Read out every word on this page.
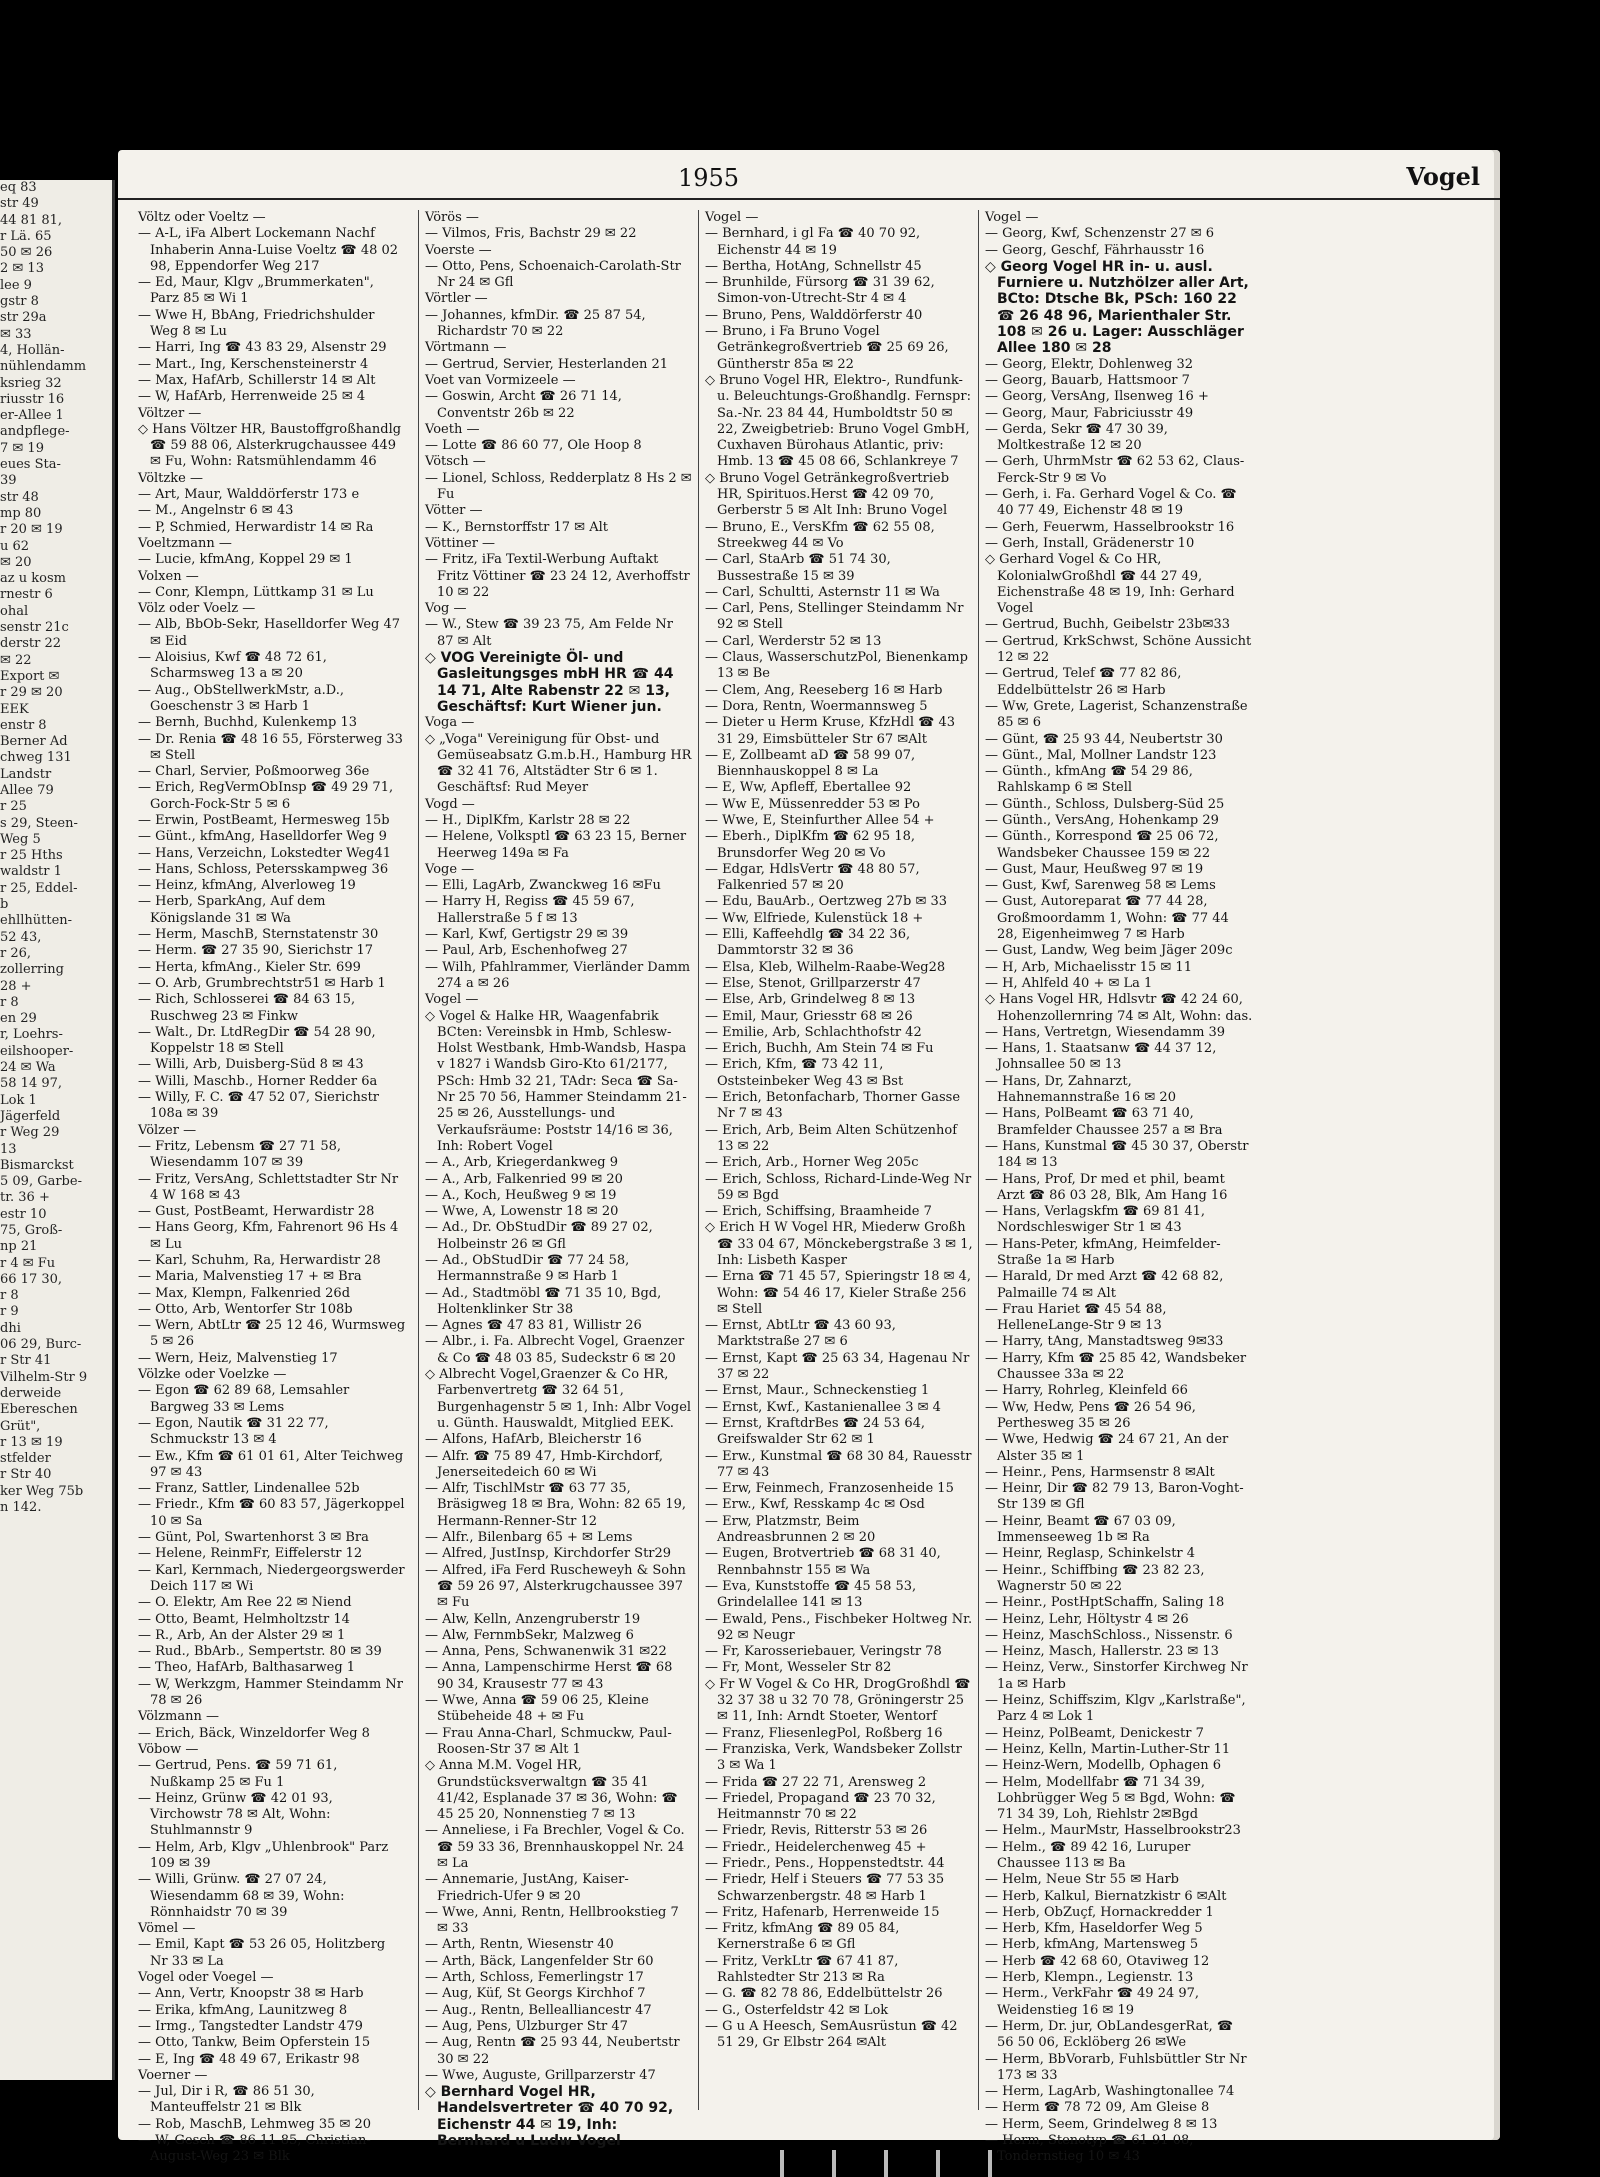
eq 83
str 49
44 81 81,
r Lä. 65
50 ✉ 26
2 ✉ 13
lee 9
gstr 8
str 29a
✉ 33
4, Hollän-
nühlendamm
ksrieg 32
riusstr 16
er-Allee 1
andpflege-
7 ✉ 19
eues Sta-
39
str 48
mp 80
r 20 ✉ 19
u 62
✉ 20
az u kosm
rnestr 6
ohal
senstr 21c
derstr 22
✉ 22
Export ✉
r 29 ✉ 20
EEK
enstr 8
Berner Ad
chweg 131
Landstr
Allee 79
r 25
s 29, Steen-
Weg 5
r 25 Hths
waldstr 1
r 25, Eddel-
b
ehllhütten-
52 43,
r 26,
zollerring
28 +
r 8
en 29
r, Loehrs-
eilshooper-
24 ✉ Wa
58 14 97,
Lok 1
Jägerfeld
r Weg 29
13
Bismarckst
5 09, Garbe-
tr. 36 +
estr 10
75, Groß-
np 21
r 4 ✉ Fu
66 17 30,
r 8
r 9
dhi
06 29, Burc-
r Str 41
Vilhelm-Str 9
derweide
Ebereschen
Grüt",
r 13 ✉ 19
stfelder
r Str 40
ker Weg 75b
n 142.
1955	Vogel

Völtz oder Voeltz —

— A-L, iFa Albert Lockemann Nachf Inhaberin Anna-Luise Voeltz ☎ 48 02 98, Eppendorfer Weg 217

— Ed, Maur, Klgv „Brummerkaten", Parz 85 ✉ Wi 1

— Wwe H, BbAng, Friedrichshulder Weg 8 ✉ Lu

— Harri, Ing ☎ 43 83 29, Alsenstr 29

— Mart., Ing, Kerschensteinerstr 4

— Max, HafArb, Schillerstr 14 ✉ Alt

— W, HafArb, Herrenweide 25 ✉ 4

Völtzer —

◇ Hans Völtzer HR, Baustoffgroßhandlg ☎ 59 88 06, Alsterkrugchaussee 449 ✉ Fu, Wohn: Ratsmühlendamm 46

Völtzke —

— Art, Maur, Walddörferstr 173 e

— M., Angelnstr 6 ✉ 43

— P, Schmied, Herwardistr 14 ✉ Ra

Voeltzmann —

— Lucie, kfmAng, Koppel 29 ✉ 1

Volxen —

— Conr, Klempn, Lüttkamp 31 ✉ Lu

Völz oder Voelz —

— Alb, BbOb-Sekr, Haselldorfer Weg 47 ✉ Eid

— Aloisius, Kwf ☎ 48 72 61, Scharmsweg 13 a ✉ 20

— Aug., ObStellwerkMstr, a.D., Goeschenstr 3 ✉ Harb 1

— Bernh, Buchhd, Kulenkemp 13

— Dr. Renia ☎ 48 16 55, Försterweg 33 ✉ Stell

— Charl, Servier, Poßmoorweg 36e

— Erich, RegVermObInsp ☎ 49 29 71, Gorch-Fock-Str 5 ✉ 6

— Erwin, PostBeamt, Hermesweg 15b

— Günt., kfmAng, Haselldorfer Weg 9

— Hans, Verzeichn, Lokstedter Weg41

— Hans, Schloss, Petersskampweg 36

— Heinz, kfmAng, Alverloweg 19

— Herb, SparkAng, Auf dem Königslande 31 ✉ Wa

— Herm, MaschB, Sternstatenstr 30

— Herm. ☎ 27 35 90, Sierichstr 17

— Herta, kfmAng., Kieler Str. 699

— O. Arb, Grumbrechtstr51 ✉ Harb 1

— Rich, Schlosserei ☎ 84 63 15, Ruschweg 23 ✉ Finkw

— Walt., Dr. LtdRegDir ☎ 54 28 90, Koppelstr 18 ✉ Stell

— Willi, Arb, Duisberg-Süd 8 ✉ 43

— Willi, Maschb., Horner Redder 6a

— Willy, F. C. ☎ 47 52 07, Sierichstr 108a ✉ 39

Völzer —

— Fritz, Lebensm ☎ 27 71 58, Wiesendamm 107 ✉ 39

— Fritz, VersAng, Schlettstadter Str Nr 4 W 168 ✉ 43

— Gust, PostBeamt, Herwardistr 28

— Hans Georg, Kfm, Fahrenort 96 Hs 4 ✉ Lu

— Karl, Schuhm, Ra, Herwardistr 28

— Maria, Malvenstieg 17 + ✉ Bra

— Max, Klempn, Falkenried 26d

— Otto, Arb, Wentorfer Str 108b

— Wern, AbtLtr ☎ 25 12 46, Wurmsweg 5 ✉ 26

— Wern, Heiz, Malvenstieg 17

Völzke oder Voelzke —

— Egon ☎ 62 89 68, Lemsahler Bargweg 33 ✉ Lems

— Egon, Nautik ☎ 31 22 77, Schmuckstr 13 ✉ 4

— Ew., Kfm ☎ 61 01 61, Alter Teichweg 97 ✉ 43

— Franz, Sattler, Lindenallee 52b

— Friedr., Kfm ☎ 60 83 57, Jägerkoppel 10 ✉ Sa

— Günt, Pol, Swartenhorst 3 ✉ Bra

— Helene, ReinmFr, Eiffelerstr 12

— Karl, Kernmach, Niedergeorgswerder Deich 117 ✉ Wi

— O. Elektr, Am Ree 22 ✉ Niend

— Otto, Beamt, Helmholtzstr 14

— R., Arb, An der Alster 29 ✉ 1

— Rud., BbArb., Sempertstr. 80 ✉ 39

— Theo, HafArb, Balthasarweg 1

— W, Werkzgm, Hammer Steindamm Nr 78 ✉ 26

Völzmann —

— Erich, Bäck, Winzeldorfer Weg 8

Vöbow —

— Gertrud, Pens. ☎ 59 71 61, Nußkamp 25 ✉ Fu 1

— Heinz, Grünw ☎ 42 01 93, Virchowstr 78 ✉ Alt, Wohn: Stuhlmannstr 9

— Helm, Arb, Klgv „Uhlenbrook" Parz 109 ✉ 39

— Willi, Grünw. ☎ 27 07 24, Wiesendamm 68 ✉ 39, Wohn: Rönnhaidstr 70 ✉ 39

Vömel —

— Emil, Kapt ☎ 53 26 05, Holitzberg Nr 33 ✉ La

Vogel oder Voegel —

— Ann, Vertr, Knoopstr 38 ✉ Harb

— Erika, kfmAng, Launitzweg 8

— Irmg., Tangstedter Landstr 479

— Otto, Tankw, Beim Opferstein 15

— E, Ing ☎ 48 49 67, Erikastr 98

Voerner —

— Jul, Dir i R, ☎ 86 51 30, Manteuffelstr 21 ✉ Blk

— Rob, MaschB, Lehmweg 35 ✉ 20

— W, Gesch ☎ 86 11 85, Christian-August-Weg 23 ✉ Blk

Vörös —

— Vilmos, Fris, Bachstr 29 ✉ 22

Voerste —

— Otto, Pens, Schoenaich-Carolath-Str Nr 24 ✉ Gfl

Vörtler —

— Johannes, kfmDir. ☎ 25 87 54, Richardstr 70 ✉ 22

Vörtmann —

— Gertrud, Servier, Hesterlanden 21

Voet van Vormizeele —

— Goswin, Archt ☎ 26 71 14, Conventstr 26b ✉ 22

Voeth —

— Lotte ☎ 86 60 77, Ole Hoop 8

Vötsch —

— Lionel, Schloss, Redderplatz 8 Hs 2 ✉ Fu

Vötter —

— K., Bernstorffstr 17 ✉ Alt

Vöttiner —

— Fritz, iFa Textil-Werbung Auftakt Fritz Vöttiner ☎ 23 24 12, Averhoffstr 10 ✉ 22

Vog —

— W., Stew ☎ 39 23 75, Am Felde Nr 87 ✉ Alt

◇ VOG Vereinigte Öl- und Gasleitungsges mbH HR ☎ 44 14 71, Alte Rabenstr 22 ✉ 13, Geschäftsf: Kurt Wiener jun.

Voga —

◇ „Voga" Vereinigung für Obst- und Gemüseabsatz G.m.b.H., Hamburg HR ☎ 32 41 76, Altstädter Str 6 ✉ 1. Geschäftsf: Rud Meyer

Vogd —

— H., DiplKfm, Karlstr 28 ✉ 22

— Helene, Volksptl ☎ 63 23 15, Berner Heerweg 149a ✉ Fa

Voge —

— Elli, LagArb, Zwanckweg 16 ✉Fu

— Harry H, Regiss ☎ 45 59 67, Hallerstraße 5 f ✉ 13

— Karl, Kwf, Gertigstr 29 ✉ 39

— Paul, Arb, Eschenhofweg 27

— Wilh, Pfahlrammer, Vierländer Damm 274 a ✉ 26

Vogel —

◇ Vogel & Halke HR, Waagenfabrik BCten: Vereinsbk in Hmb, Schlesw-Holst Westbank, Hmb-Wandsb, Haspa v 1827 i Wandsb Giro-Kto 61/2177, PSch: Hmb 32 21, TAdr: Seca ☎ Sa-Nr 25 70 56, Hammer Steindamm 21-25 ✉ 26, Ausstellungs- und Verkaufsräume: Poststr 14/16 ✉ 36, Inh: Robert Vogel

— A., Arb, Kriegerdankweg 9

— A., Arb, Falkenried 99 ✉ 20

— A., Koch, Heußweg 9 ✉ 19

— Wwe, A, Lowenstr 18 ✉ 20

— Ad., Dr. ObStudDir ☎ 89 27 02, Holbeinstr 26 ✉ Gfl

— Ad., ObStudDir ☎ 77 24 58, Hermannstraße 9 ✉ Harb 1

— Ad., Stadtmöbl ☎ 71 35 10, Bgd, Holtenklinker Str 38

— Agnes ☎ 47 83 81, Willistr 26

— Albr., i. Fa. Albrecht Vogel, Graenzer & Co ☎ 48 03 85, Sudeckstr 6 ✉ 20

◇ Albrecht Vogel,Graenzer & Co HR, Farbenvertretg ☎ 32 64 51, Burgenhagenstr 5 ✉ 1, Inh: Albr Vogel u. Günth. Hauswaldt, Mitglied EEK.

— Alfons, HafArb, Bleicherstr 16

— Alfr. ☎ 75 89 47, Hmb-Kirchdorf, Jenerseitedeich 60 ✉ Wi

— Alfr, TischlMstr ☎ 63 77 35, Bräsigweg 18 ✉ Bra, Wohn: 82 65 19, Hermann-Renner-Str 12

— Alfr., Bilenbarg 65 + ✉ Lems

— Alfred, JustInsp, Kirchdorfer Str29

— Alfred, iFa Ferd Ruscheweyh & Sohn ☎ 59 26 97, Alsterkrugchaussee 397 ✉ Fu

— Alw, Kelln, Anzengruberstr 19

— Alw, FernmbSekr, Malzweg 6

— Anna, Pens, Schwanenwik 31 ✉22

— Anna, Lampenschirme Herst ☎ 68 90 34, Krausestr 77 ✉ 43

— Wwe, Anna ☎ 59 06 25, Kleine Stübeheide 48 + ✉ Fu

— Frau Anna-Charl, Schmuckw, Paul-Roosen-Str 37 ✉ Alt 1

◇ Anna M.M. Vogel HR, Grundstücksverwaltgn ☎ 35 41 41/42, Esplanade 37 ✉ 36, Wohn: ☎ 45 25 20, Nonnenstieg 7 ✉ 13

— Anneliese, i Fa Brechler, Vogel & Co. ☎ 59 33 36, Brennhauskoppel Nr. 24 ✉ La

— Annemarie, JustAng, Kaiser-Friedrich-Ufer 9 ✉ 20

— Wwe, Anni, Rentn, Hellbrookstieg 7 ✉ 33

— Arth, Rentn, Wiesenstr 40

— Arth, Bäck, Langenfelder Str 60

— Arth, Schloss, Femerlingstr 17

— Aug, Küf, St Georgs Kirchhof 7

— Aug., Rentn, Bellealliancestr 47

— Aug, Pens, Ulzburger Str 47

— Aug, Rentn ☎ 25 93 44, Neubertstr 30 ✉ 22

— Wwe, Auguste, Grillparzerstr 47

◇ Bernhard Vogel HR, Handelsvertreter ☎ 40 70 92, Eichenstr 44 ✉ 19, Inh: Bernhard u Ludw Vogel

Vogel —

— Bernhard, i gl Fa ☎ 40 70 92, Eichenstr 44 ✉ 19

— Bertha, HotAng, Schnellstr 45

— Brunhilde, Fürsorg ☎ 31 39 62, Simon-von-Utrecht-Str 4 ✉ 4

— Bruno, Pens, Walddörferstr 40

— Bruno, i Fa Bruno Vogel Getränkegroßvertrieb ☎ 25 69 26, Güntherstr 85a ✉ 22

◇ Bruno Vogel HR, Elektro-, Rundfunk- u. Beleuchtungs-Großhandlg. Fernspr: Sa.-Nr. 23 84 44, Humboldtstr 50 ✉ 22, Zweigbetrieb: Bruno Vogel GmbH, Cuxhaven Bürohaus Atlantic, priv: Hmb. 13 ☎ 45 08 66, Schlankreye 7

◇ Bruno Vogel Getränkegroßvertrieb HR, Spirituos.Herst ☎ 42 09 70, Gerberstr 5 ✉ Alt Inh: Bruno Vogel

— Bruno, E., VersKfm ☎ 62 55 08, Streekweg 44 ✉ Vo

— Carl, StaArb ☎ 51 74 30, Bussestraße 15 ✉ 39

— Carl, Schultti, Asternstr 11 ✉ Wa

— Carl, Pens, Stellinger Steindamm Nr 92 ✉ Stell

— Carl, Werderstr 52 ✉ 13

— Claus, WasserschutzPol, Bienenkamp 13 ✉ Be

— Clem, Ang, Reeseberg 16 ✉ Harb

— Dora, Rentn, Woermannsweg 5

— Dieter u Herm Kruse, KfzHdl ☎ 43 31 29, Eimsbütteler Str 67 ✉Alt

— E, Zollbeamt aD ☎ 58 99 07, Biennhauskoppel 8 ✉ La

— E, Ww, Apfleff, Ebertallee 92

— Ww E, Müssenredder 53 ✉ Po

— Wwe, E, Steinfurther Allee 54 +

— Eberh., DiplKfm ☎ 62 95 18, Brunsdorfer Weg 20 ✉ Vo

— Edgar, HdlsVertr ☎ 48 80 57, Falkenried 57 ✉ 20

— Edu, BauArb., Oertzweg 27b ✉ 33

— Ww, Elfriede, Kulenstück 18 +

— Elli, Kaffeehdlg ☎ 34 22 36, Dammtorstr 32 ✉ 36

— Elsa, Kleb, Wilhelm-Raabe-Weg28

— Else, Stenot, Grillparzerstr 47

— Else, Arb, Grindelweg 8 ✉ 13

— Emil, Maur, Griesstr 68 ✉ 26

— Emilie, Arb, Schlachthofstr 42

— Erich, Buchh, Am Stein 74 ✉ Fu

— Erich, Kfm, ☎ 73 42 11, Oststeinbeker Weg 43 ✉ Bst

— Erich, Betonfacharb, Thorner Gasse Nr 7 ✉ 43

— Erich, Arb, Beim Alten Schützenhof 13 ✉ 22

— Erich, Arb., Horner Weg 205c

— Erich, Schloss, Richard-Linde-Weg Nr 59 ✉ Bgd

— Erich, Schiffsing, Braamheide 7

◇ Erich H W Vogel HR, Miederw Großh ☎ 33 04 67, Mönckebergstraße 3 ✉ 1, Inh: Lisbeth Kasper

— Erna ☎ 71 45 57, Spieringstr 18 ✉ 4, Wohn: ☎ 54 46 17, Kieler Straße 256 ✉ Stell

— Ernst, AbtLtr ☎ 43 60 93, Marktstraße 27 ✉ 6

— Ernst, Kapt ☎ 25 63 34, Hagenau Nr 37 ✉ 22

— Ernst, Maur., Schneckenstieg 1

— Ernst, Kwf., Kastanienallee 3 ✉ 4

— Ernst, KraftdrBes ☎ 24 53 64, Greifswalder Str 62 ✉ 1

— Erw., Kunstmal ☎ 68 30 84, Rauesstr 77 ✉ 43

— Erw, Feinmech, Franzosenheide 15

— Erw., Kwf, Resskamp 4c ✉ Osd

— Erw, Platzmstr, Beim Andreasbrunnen 2 ✉ 20

— Eugen, Brotvertrieb ☎ 68 31 40, Rennbahnstr 155 ✉ Wa

— Eva, Kunststoffe ☎ 45 58 53, Grindelallee 141 ✉ 13

— Ewald, Pens., Fischbeker Holtweg Nr. 92 ✉ Neugr

— Fr, Karosseriebauer, Veringstr 78

— Fr, Mont, Wesseler Str 82

◇ Fr W Vogel & Co HR, DrogGroßhdl ☎ 32 37 38 u 32 70 78, Gröningerstr 25 ✉ 11, Inh: Arndt Stoeter, Wentorf

— Franz, FliesenlegPol, Roßberg 16

— Franziska, Verk, Wandsbeker Zollstr 3 ✉ Wa 1

— Frida ☎ 27 22 71, Arensweg 2

— Friedel, Propagand ☎ 23 70 32, Heitmannstr 70 ✉ 22

— Friedr, Revis, Ritterstr 53 ✉ 26

— Friedr., Heidelerchenweg 45 +

— Friedr., Pens., Hoppenstedtstr. 44

— Friedr, Helf i Steuers ☎ 77 53 35 Schwarzenbergstr. 48 ✉ Harb 1

— Fritz, Hafenarb, Herrenweide 15

— Fritz, kfmAng ☎ 89 05 84, Kernerstraße 6 ✉ Gfl

— Fritz, VerkLtr ☎ 67 41 87, Rahlstedter Str 213 ✉ Ra

— G. ☎ 82 78 86, Eddelbüttelstr 26

— G., Osterfeldstr 42 ✉ Lok

— G u A Heesch, SemAusrüstun ☎ 42 51 29, Gr Elbstr 264 ✉Alt

Vogel —

— Georg, Kwf, Schenzenstr 27 ✉ 6

— Georg, Geschf, Fährhausstr 16

◇ Georg Vogel HR in- u. ausl. Furniere u. Nutzhölzer aller Art, BCto: Dtsche Bk, PSch: 160 22 ☎ 26 48 96, Marienthaler Str. 108 ✉ 26 u. Lager: Ausschläger Allee 180 ✉ 28

— Georg, Elektr, Dohlenweg 32

— Georg, Bauarb, Hattsmoor 7

— Georg, VersAng, Ilsenweg 16 +

— Georg, Maur, Fabriciusstr 49

— Gerda, Sekr ☎ 47 30 39, Moltkestraße 12 ✉ 20

— Gerh, UhrmMstr ☎ 62 53 62, Claus-Ferck-Str 9 ✉ Vo

— Gerh, i. Fa. Gerhard Vogel & Co. ☎ 40 77 49, Eichenstr 48 ✉ 19

— Gerh, Feuerwm, Hasselbrookstr 16

— Gerh, Install, Grädenerstr 10

◇ Gerhard Vogel & Co HR, KolonialwGroßhdl ☎ 44 27 49, Eichenstraße 48 ✉ 19, Inh: Gerhard Vogel

— Gertrud, Buchh, Geibelstr 23b✉33

— Gertrud, KrkSchwst, Schöne Aussicht 12 ✉ 22

— Gertrud, Telef ☎ 77 82 86, Eddelbüttelstr 26 ✉ Harb

— Ww, Grete, Lagerist, Schanzenstraße 85 ✉ 6

— Günt, ☎ 25 93 44, Neubertstr 30

— Günt., Mal, Mollner Landstr 123

— Günth., kfmAng ☎ 54 29 86, Rahlskamp 6 ✉ Stell

— Günth., Schloss, Dulsberg-Süd 25

— Günth., VersAng, Hohenkamp 29

— Günth., Korrespond ☎ 25 06 72, Wandsbeker Chaussee 159 ✉ 22

— Gust, Maur, Heußweg 97 ✉ 19

— Gust, Kwf, Sarenweg 58 ✉ Lems

— Gust, Autoreparat ☎ 77 44 28, Großmoordamm 1, Wohn: ☎ 77 44 28, Eigenheimweg 7 ✉ Harb

— Gust, Landw, Weg beim Jäger 209c

— H, Arb, Michaelisstr 15 ✉ 11

— H, Ahlfeld 40 + ✉ La 1

◇ Hans Vogel HR, Hdlsvtr ☎ 42 24 60, Hohenzollernring 74 ✉ Alt, Wohn: das.

— Hans, Vertretgn, Wiesendamm 39

— Hans, 1. Staatsanw ☎ 44 37 12, Johnsallee 50 ✉ 13

— Hans, Dr, Zahnarzt, Hahnemannstraße 16 ✉ 20

— Hans, PolBeamt ☎ 63 71 40, Bramfelder Chaussee 257 a ✉ Bra

— Hans, Kunstmal ☎ 45 30 37, Oberstr 184 ✉ 13

— Hans, Prof, Dr med et phil, beamt Arzt ☎ 86 03 28, Blk, Am Hang 16

— Hans, Verlagskfm ☎ 69 81 41, Nordschleswiger Str 1 ✉ 43

— Hans-Peter, kfmAng, Heimfelder-Straße 1a ✉ Harb

— Harald, Dr med Arzt ☎ 42 68 82, Palmaille 74 ✉ Alt

— Frau Hariet ☎ 45 54 88, HelleneLange-Str 9 ✉ 13

— Harry, tAng, Manstadtsweg 9✉33

— Harry, Kfm ☎ 25 85 42, Wandsbeker Chaussee 33a ✉ 22

— Harry, Rohrleg, Kleinfeld 66

— Ww, Hedw, Pens ☎ 26 54 96, Pertheswеg 35 ✉ 26

— Wwe, Hedwig ☎ 24 67 21, An der Alster 35 ✉ 1

— Heinr., Pens, Harmsenstr 8 ✉Alt

— Heinr, Dir ☎ 82 79 13, Baron-Voght-Str 139 ✉ Gfl

— Heinr, Beamt ☎ 67 03 09, Immenseeweg 1b ✉ Ra

— Heinr, Reglasp, Schinkelstr 4

— Heinr., Schiffbing ☎ 23 82 23, Wagnerstr 50 ✉ 22

— Heinr., PostHptSchaffn, Saling 18

— Heinz, Lehr, Höltystr 4 ✉ 26

— Heinz, MaschSchloss., Nissenstr. 6

— Heinz, Masch, Hallerstr. 23 ✉ 13

— Heinz, Verw., Sinstorfer Kirchweg Nr 1a ✉ Harb

— Heinz, Schiffszim, Klgv „Karlstraße", Parz 4 ✉ Lok 1

— Heinz, PolBeamt, Denickestr 7

— Heinz, Kelln, Martin-Luther-Str 11

— Heinz-Wern, Modellb, Ophagen 6

— Helm, Modellfabr ☎ 71 34 39, Lohbrügger Weg 5 ✉ Bgd, Wohn: ☎ 71 34 39, Loh, Riehlstr 2✉Bgd

— Helm., MaurMstr, Hasselbrookstr23

— Helm., ☎ 89 42 16, Luruper Chaussee 113 ✉ Ba

— Helm, Neue Str 55 ✉ Harb

— Herb, Kalkul, Biernatzkistr 6 ✉Alt

— Herb, ObZuçf, Hornackredder 1

— Herb, Kfm, Haseldorfer Weg 5

— Herb, kfmAng, Martensweg 5

— Herb ☎ 42 68 60, Otaviweg 12

— Herb, Klempn., Legienstr. 13

— Herm., VerkFahr ☎ 49 24 97, Weidenstieg 16 ✉ 19

— Herm, Dr. jur, ObLandesgerRat, ☎ 56 50 06, Ecklöberg 26 ✉We

— Herm, BbVorarb, Fuhlsbüttler Str Nr 173 ✉ 33

— Herm, LagArb, Washingtonallee 74

— Herm ☎ 78 72 09, Am Gleise 8

— Herm, Seem, Grindelweg 8 ✉ 13

— Herm, Stenotyp ☎ 61 91 08, Tondernstieg 10 ✉ 43
